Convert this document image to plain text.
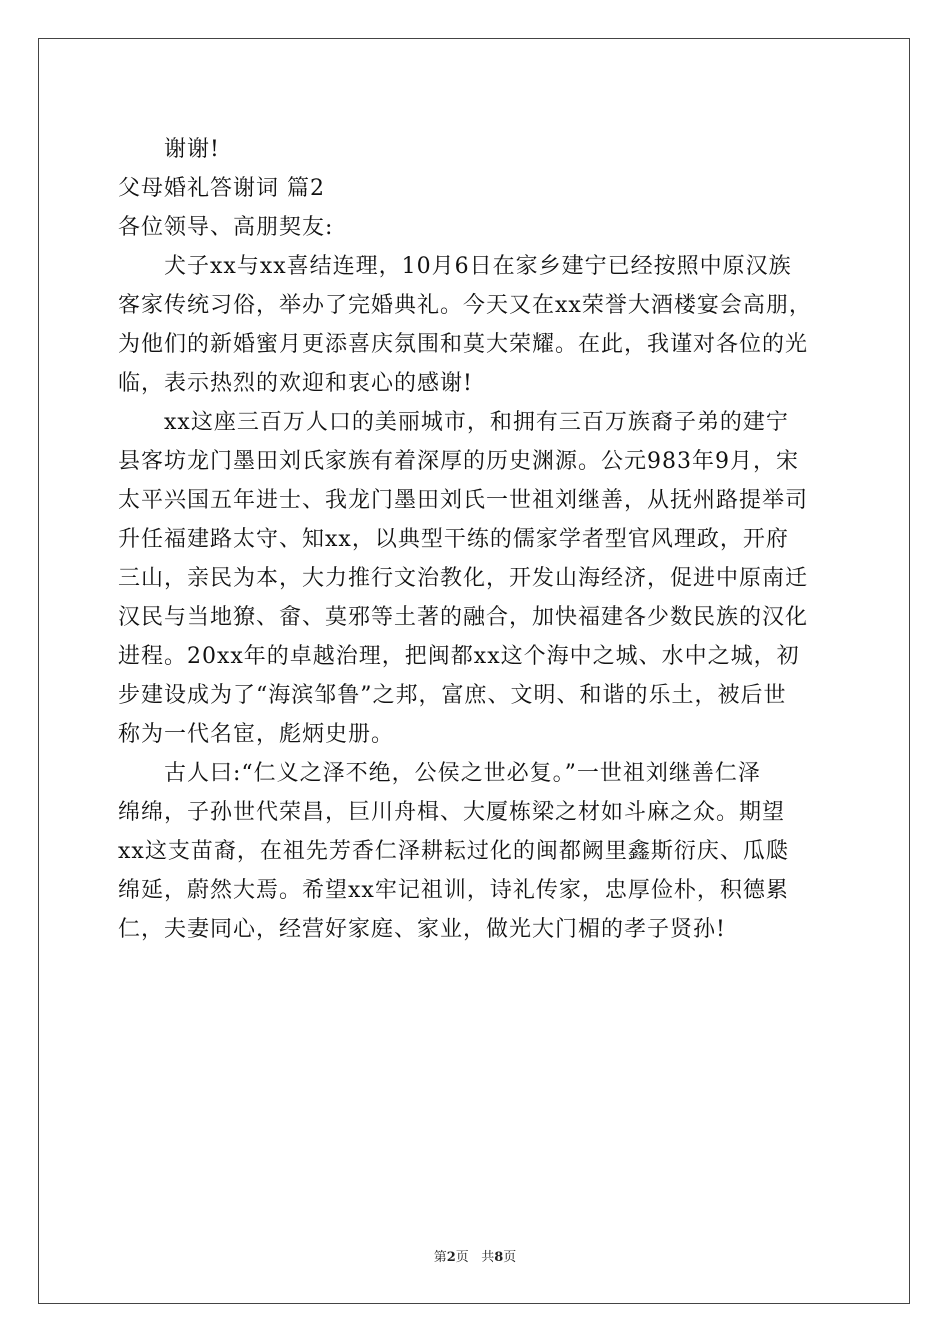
谢谢!
父母婚礼答谢词 篇2
各位领导、高朋契友:
犬子xx与xx喜结连理，10月6日在家乡建宁已经按照中原汉族
客家传统习俗，举办了完婚典礼。今天又在xx荣誉大酒楼宴会高朋，
为他们的新婚蜜月更添喜庆氛围和莫大荣耀。在此，我谨对各位的光
临，表示热烈的欢迎和衷心的感谢!
xx这座三百万人口的美丽城市，和拥有三百万族裔子弟的建宁
县客坊龙门墨田刘氏家族有着深厚的历史渊源。公元983年9月，宋
太平兴国五年进士、我龙门墨田刘氏一世祖刘继善，从抚州路提举司
升任福建路太守、知xx，以典型干练的儒家学者型官风理政，开府
三山，亲民为本，大力推行文治教化，开发山海经济，促进中原南迁
汉民与当地獠、畲、莫邪等土著的融合，加快福建各少数民族的汉化
进程。20xx年的卓越治理，把闽都xx这个海中之城、水中之城，初
步建设成为了“海滨邹鲁”之邦，富庶、文明、和谐的乐土，被后世
称为一代名宦，彪炳史册。
古人曰:“仁义之泽不绝，公侯之世必复。”一世祖刘继善仁泽
绵绵，子孙世代荣昌，巨川舟楫、大厦栋梁之材如斗麻之众。期望
xx这支苗裔，在祖先芳香仁泽耕耘过化的闽都阙里鑫斯衍庆、瓜瓞
绵延，蔚然大焉。希望xx牢记祖训，诗礼传家，忠厚俭朴，积德累
仁，夫妻同心，经营好家庭、家业，做光大门楣的孝子贤孙!
第2页 共8页
